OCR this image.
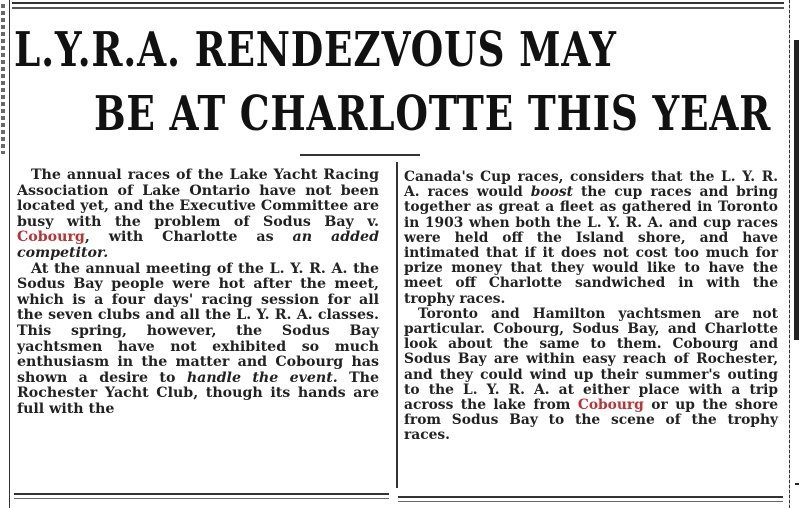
L.Y.R.A. RENDEZVOUS MAY
BE AT CHARLOTTE THIS YEAR

The annual races of the Lake Yacht Racing Association of Lake Ontario have not been located yet, and the Executive Committee are busy with the problem of Sodus Bay v. Cobourg, with Charlotte as an added competitor.

At the annual meeting of the L. Y. R. A. the Sodus Bay people were hot after the meet, which is a four days' racing session for all the seven clubs and all the L. Y. R. A. classes. This spring, however, the Sodus Bay yachtsmen have not exhibited so much enthusiasm in the matter and Cobourg has shown a desire to handle the event. The Rochester Yacht Club, though its hands are full with the

Canada's Cup races, considers that the L. Y. R. A. races would boost the cup races and bring together as great a fleet as gathered in Toronto in 1903 when both the L. Y. R. A. and cup races were held off the Island shore, and have intimated that if it does not cost too much for prize money that they would like to have the meet off Charlotte sandwiched in with the trophy races.

Toronto and Hamilton yachtsmen are not particular. Cobourg, Sodus Bay, and Charlotte look about the same to them. Cobourg and Sodus Bay are within easy reach of Rochester, and they could wind up their summer's outing to the L. Y. R. A. at either place with a trip across the lake from Cobourg or up the shore from Sodus Bay to the scene of the trophy races.
